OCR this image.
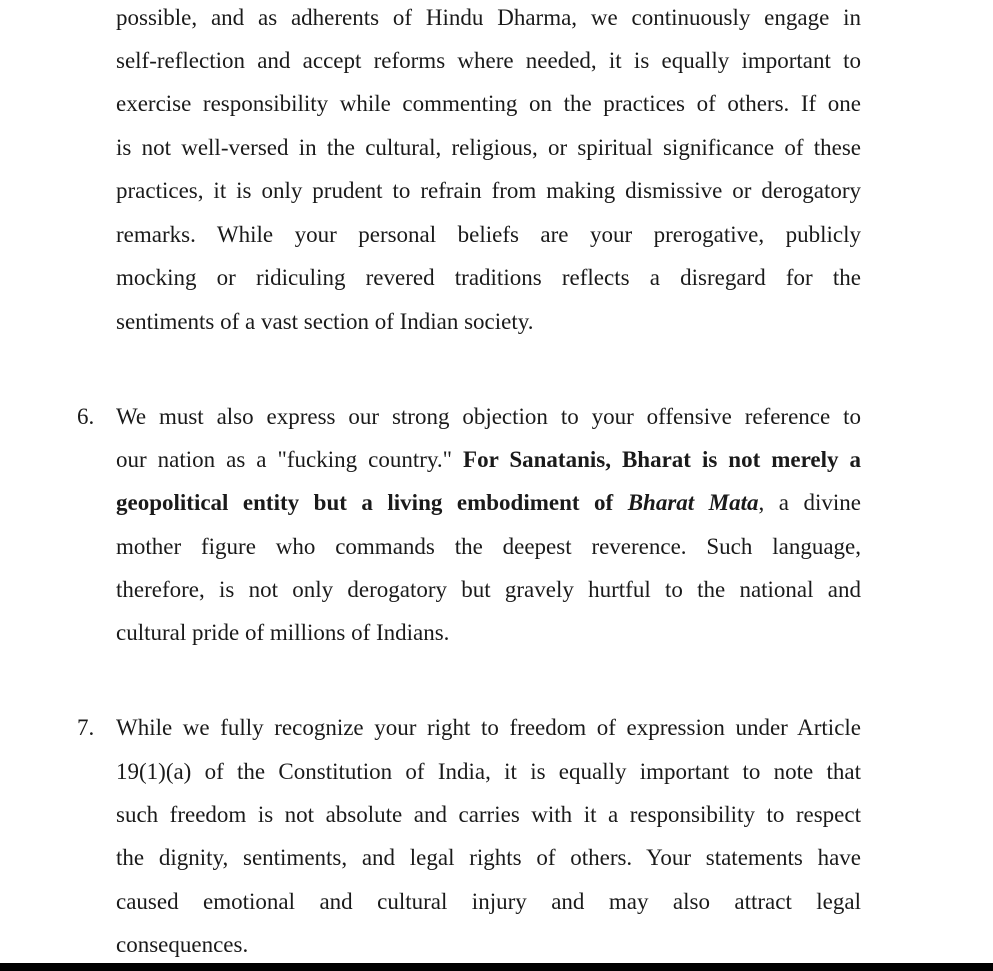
possible, and as adherents of Hindu Dharma, we continuously engage in
self-reflection and accept reforms where needed, it is equally important to
exercise responsibility while commenting on the practices of others. If one
is not well-versed in the cultural, religious, or spiritual significance of these
practices, it is only prudent to refrain from making dismissive or derogatory
remarks. While your personal beliefs are your prerogative, publicly
mocking or ridiculing revered traditions reflects a disregard for the
sentiments of a vast section of Indian society.
6. We must also express our strong objection to your offensive reference to
our nation as a "fucking country." For Sanatanis, Bharat is not merely a
geopolitical entity but a living embodiment of Bharat Mata, a divine
mother figure who commands the deepest reverence. Such language,
therefore, is not only derogatory but gravely hurtful to the national and
cultural pride of millions of Indians.
7. While we fully recognize your right to freedom of expression under Article
19(1)(a) of the Constitution of India, it is equally important to note that
such freedom is not absolute and carries with it a responsibility to respect
the dignity, sentiments, and legal rights of others. Your statements have
caused emotional and cultural injury and may also attract legal
consequences.
